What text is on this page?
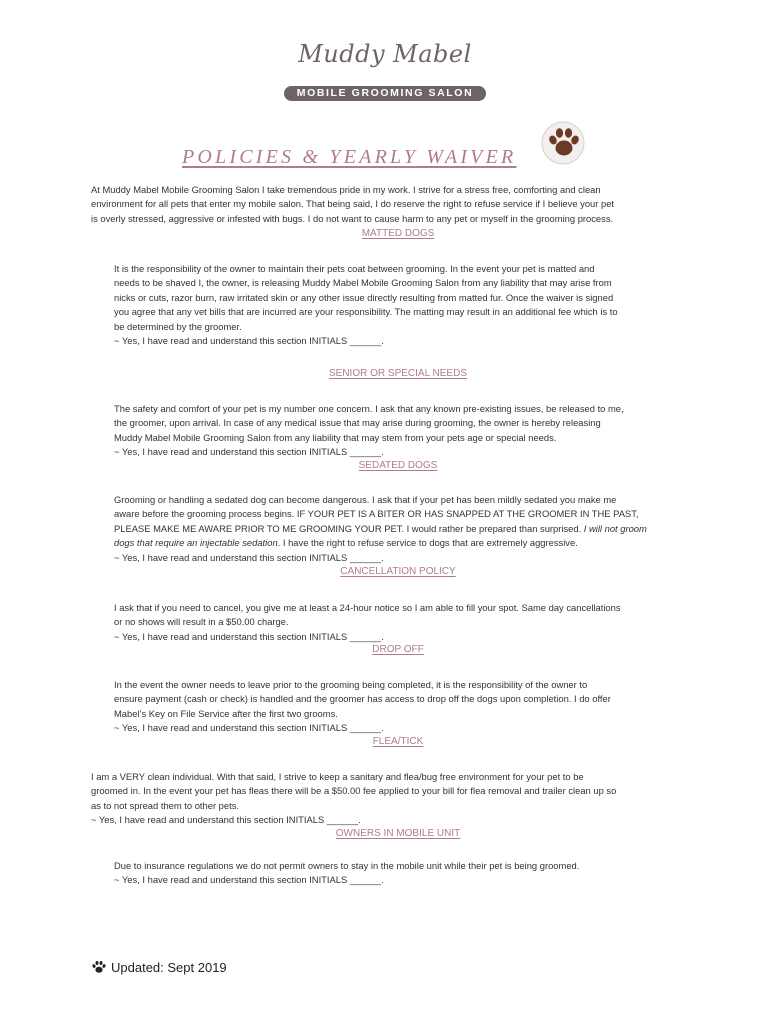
Muddy Mabel
MOBILE GROOMING SALON
POLICIES & YEARLY WAIVER
At Muddy Mabel Mobile Grooming Salon I take tremendous pride in my work. I strive for a stress free, comforting and clean
environment for all pets that enter my mobile salon. That being said, I do reserve the right to refuse service if I believe your pet
is overly stressed, aggressive or infested with bugs. I do not want to cause harm to any pet or myself in the grooming process.
MATTED DOGS
It is the responsibility of the owner to maintain their pets coat between grooming. In the event your pet is matted and
needs to be shaved I, the owner, is releasing Muddy Mabel Mobile Grooming Salon from any liability that may arise from
nicks or cuts, razor burn, raw irritated skin or any other issue directly resulting from matted fur. Once the waiver is signed
you agree that any vet bills that are incurred are your responsibility. The matting may result in an additional fee which is to
be determined by the groomer.
~ Yes, I have read and understand this section INITIALS ______.
SENIOR OR SPECIAL NEEDS
The safety and comfort of your pet is my number one concern. I ask that any known pre-existing issues, be released to me,
the groomer, upon arrival. In case of any medical issue that may arise during grooming, the owner is hereby releasing
Muddy Mabel Mobile Grooming Salon from any liability that may stem from your pets age or special needs.
~ Yes, I have read and understand this section INITIALS ______.
SEDATED DOGS
Grooming or handling a sedated dog can become dangerous. I ask that if your pet has been mildly sedated you make me
aware before the grooming process begins. IF YOUR PET IS A BITER OR HAS SNAPPED AT THE GROOMER IN THE PAST,
PLEASE MAKE ME AWARE PRIOR TO ME GROOMING YOUR PET. I would rather be prepared than surprised. I will not groom
dogs that require an injectable sedation. I have the right to refuse service to dogs that are extremely aggressive.
~ Yes, I have read and understand this section INITIALS ______.
CANCELLATION POLICY
I ask that if you need to cancel, you give me at least a 24-hour notice so I am able to fill your spot. Same day cancellations
or no shows will result in a $50.00 charge.
~ Yes, I have read and understand this section INITIALS ______.
DROP OFF
In the event the owner needs to leave prior to the grooming being completed, it is the responsibility of the owner to
ensure payment (cash or check) is handled and the groomer has access to drop off the dogs upon completion. I do offer
Mabel’s Key on File Service after the first two grooms.
~ Yes, I have read and understand this section INITIALS ______.
FLEA/TICK
I am a VERY clean individual. With that said, I strive to keep a sanitary and flea/bug free environment for your pet to be
groomed in. In the event your pet has fleas there will be a $50.00 fee applied to your bill for flea removal and trailer clean up so
as to not spread them to other pets.
~ Yes, I have read and understand this section INITIALS ______.
OWNERS IN MOBILE UNIT
Due to insurance regulations we do not permit owners to stay in the mobile unit while their pet is being groomed.
~ Yes, I have read and understand this section INITIALS ______.
Updated: Sept 2019
